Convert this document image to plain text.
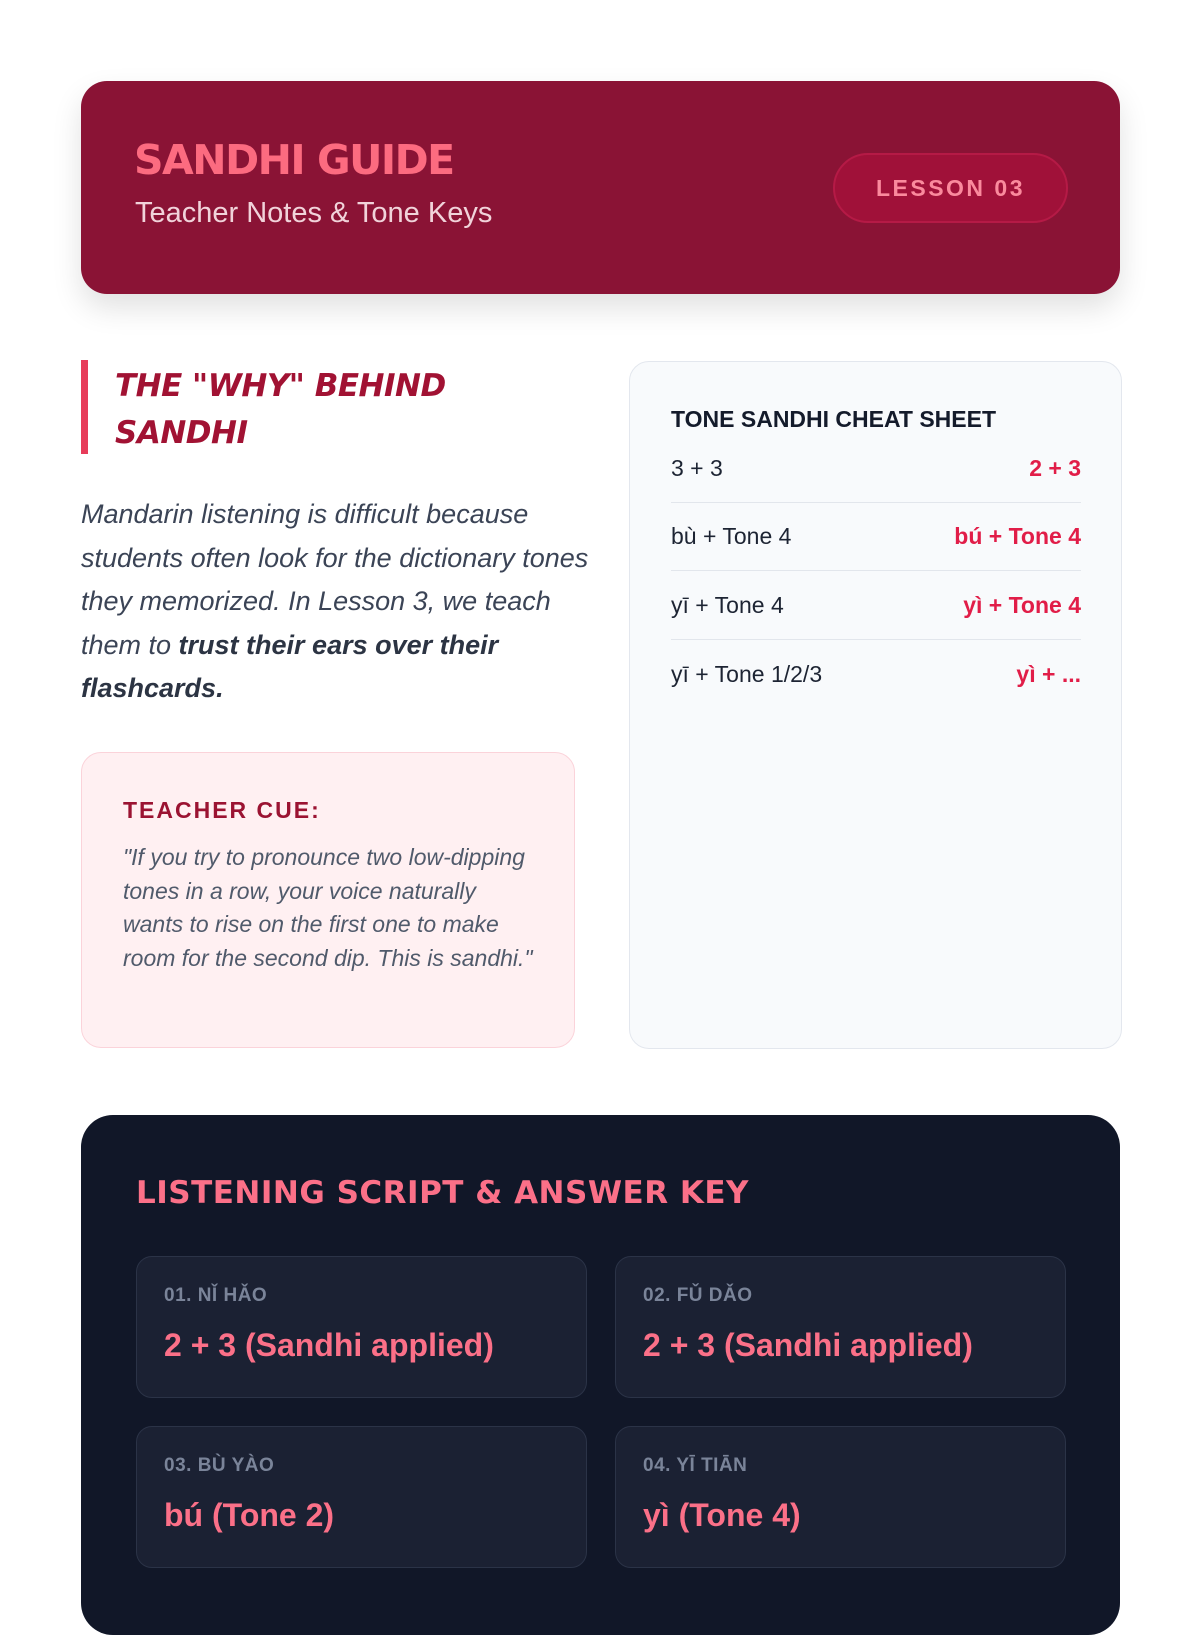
SANDHI GUIDE
Teacher Notes & Tone Keys
LESSON 03
THE "WHY" BEHIND SANDHI

Mandarin listening is difficult because students often look for the dictionary tones they memorized. In Lesson 3, we teach them to trust their ears over their flashcards.

TEACHER CUE:

"If you try to pronounce two low-dipping tones in a row, your voice naturally wants to rise on the first one to make room for the second dip. This is sandhi."

TONE SANDHI CHEAT SHEET
3 + 3	2 + 3
bù + Tone 4	bú + Tone 4
yī + Tone 4	yì + Tone 4
yī + Tone 1/2/3	yì + ...
LISTENING SCRIPT & ANSWER KEY
01. NǏ HǍO
2 + 3 (Sandhi applied)
02. FǓ DǍO
2 + 3 (Sandhi applied)
03. BÙ YÀO
bú (Tone 2)
04. YĪ TIĀN
yì (Tone 4)
